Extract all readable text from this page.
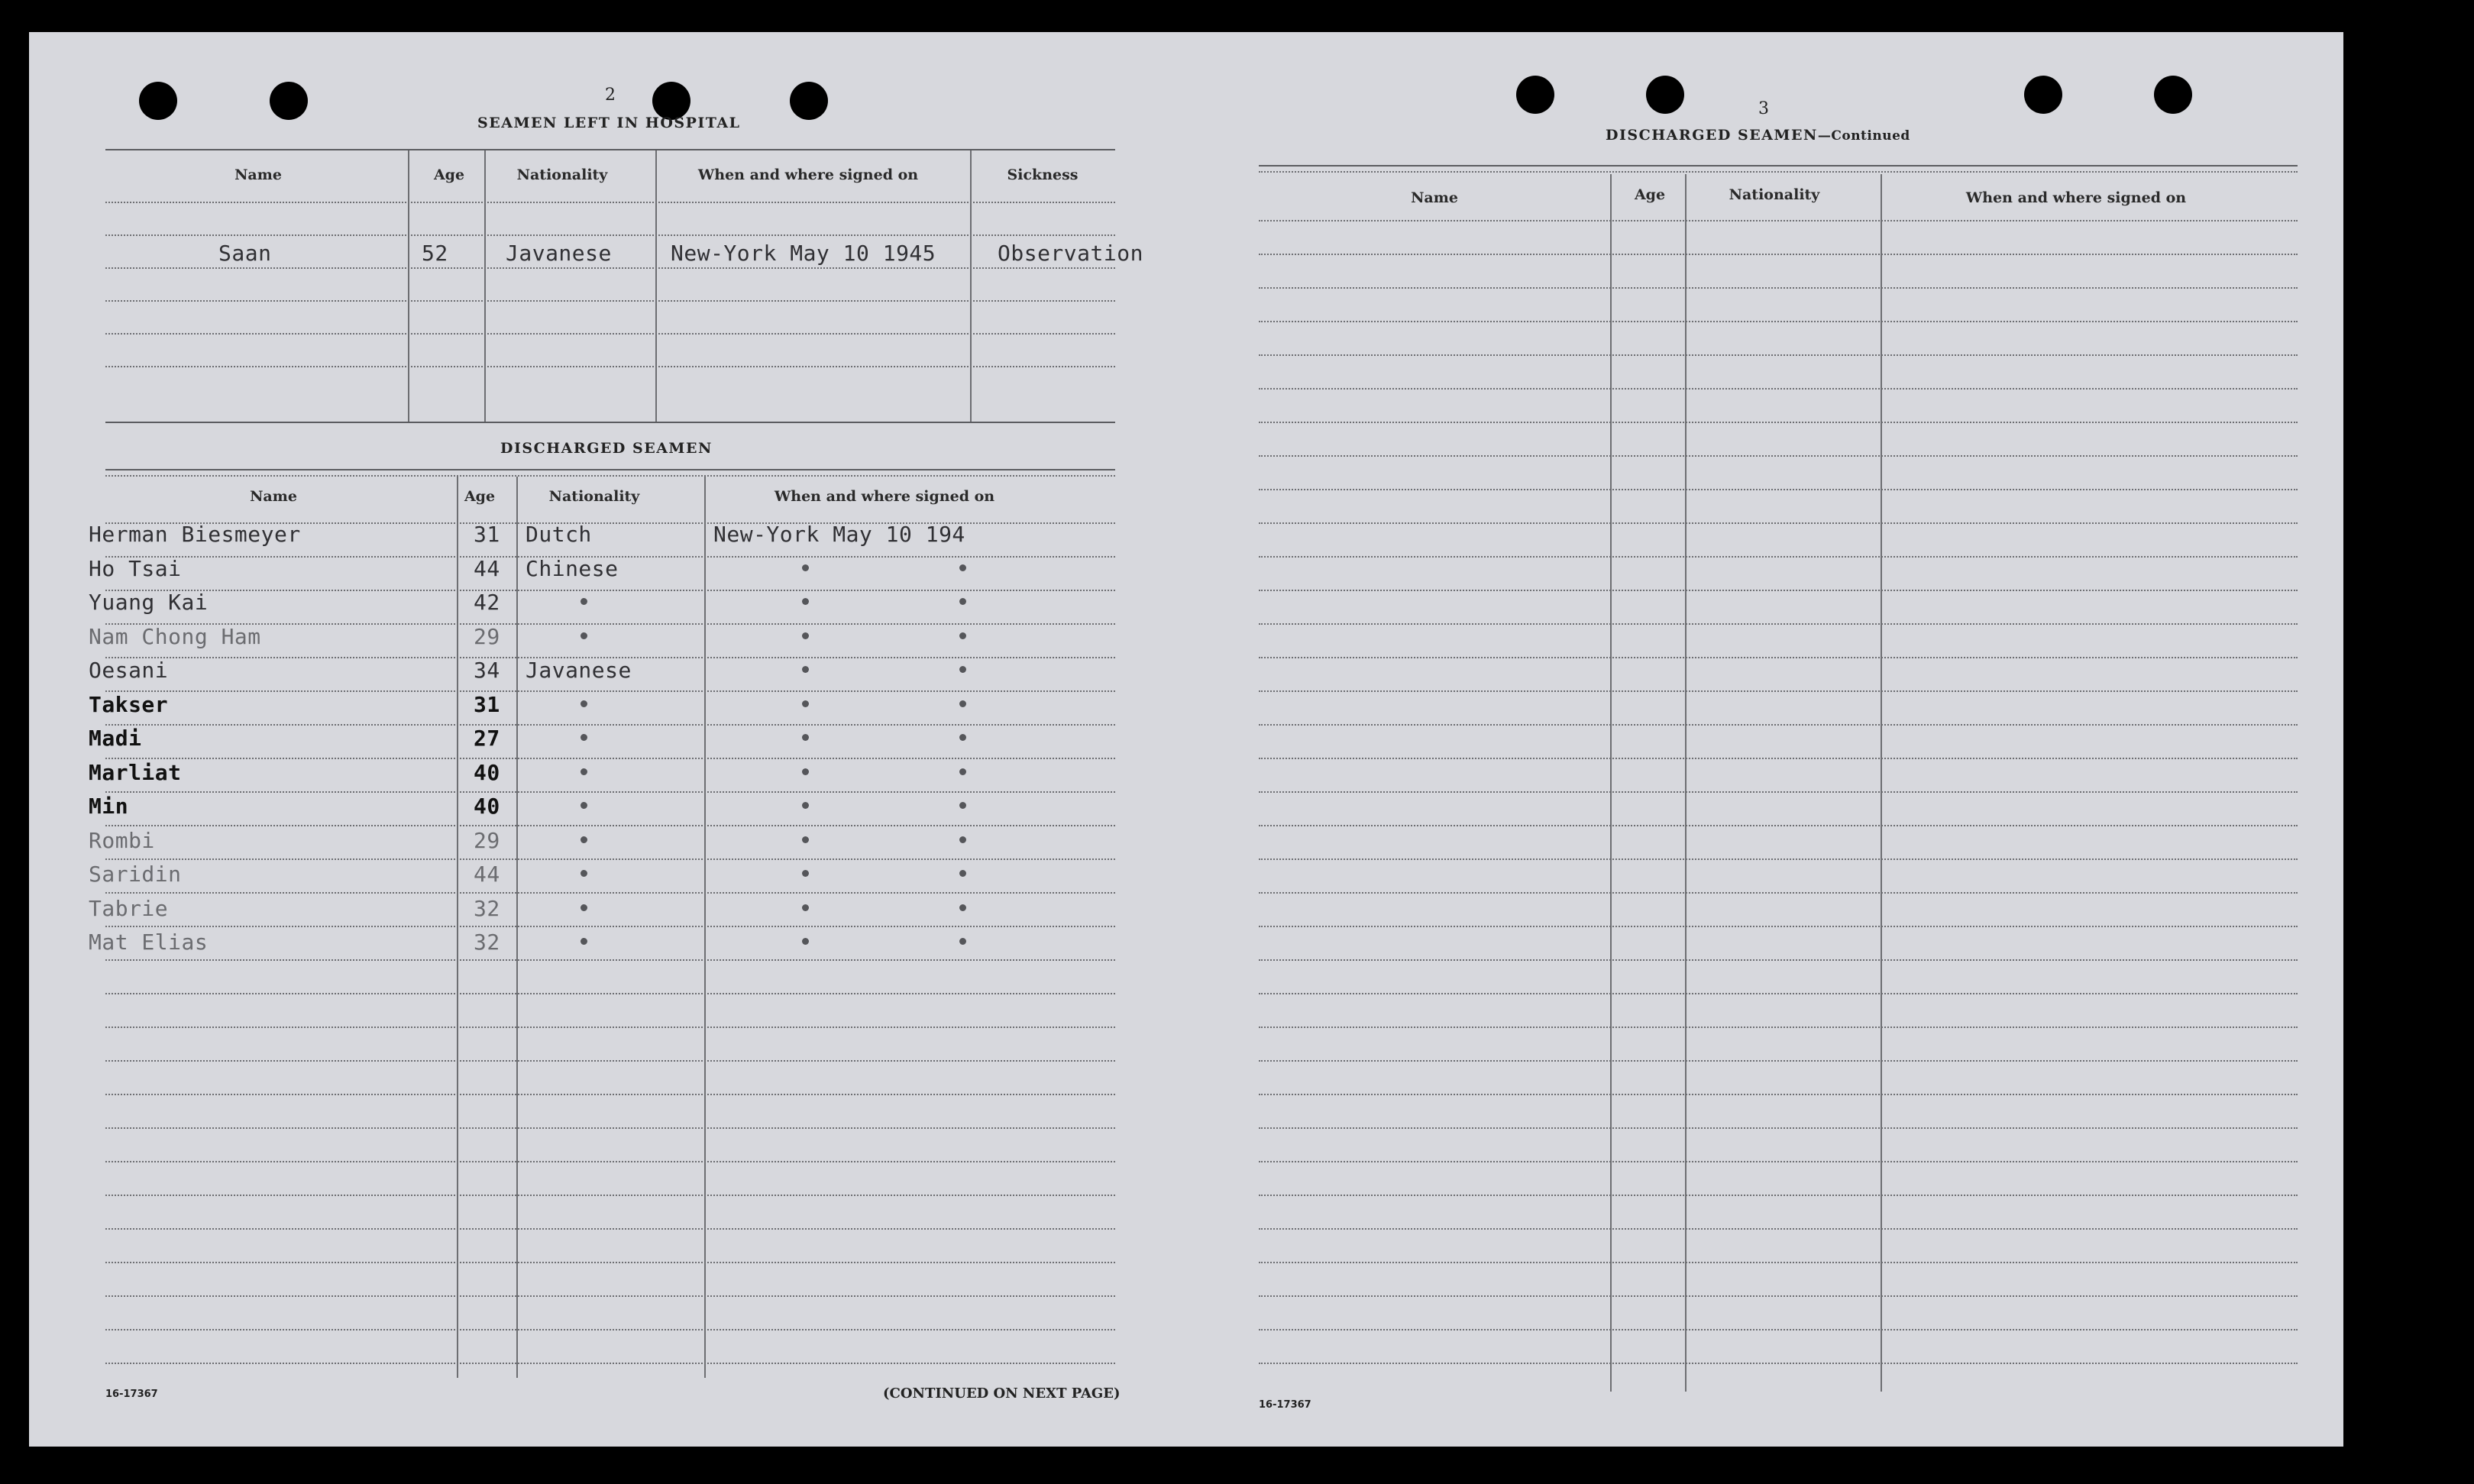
2
SEAMEN LEFT IN HOSPITAL
Name	Age	Nationality	When and where signed on	Sickness
Saan	52	Javanese	New-York May 10 1945	Observation
DISCHARGED SEAMEN
Name	Age	Nationality	When and where signed on
Herman Biesmeyer	31 Dutch	New-York May 10 194
Ho Tsai	44 Chinese
Yuang Kai	42
Nam Chong Ham	29
Oesani	34 Javanese
Takser	31
Madi	27
Marliat	40
Min	40
Rombi	29
Saridin	44
Tabrie	32
Mat Elias	32
16-17367	(CONTINUED ON NEXT PAGE)
3
DISCHARGED SEAMEN—Continued
Name	Age	Nationality	When and where signed on
16-17367
